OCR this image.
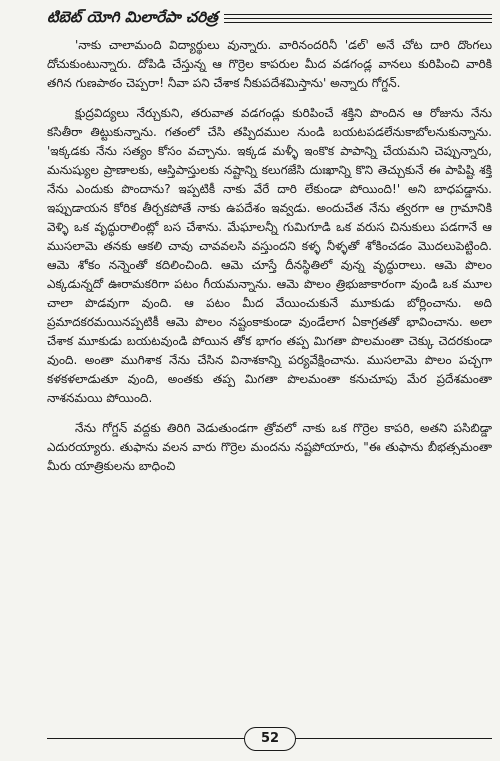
టిబెట్ యోగి మిలారేపా చరిత్ర

'నాకు చాలామంది విద్యార్థులు వున్నారు. వారినందరినీ 'డల్' అనే చోట దారి దొంగలు దోచుకుంటున్నారు. దోపిడి చేస్తున్న ఆ గొర్రెల కాపరుల మీద వడగండ్ల వానలు కురిపించి వారికి తగిన గుణపాఠం చెప్పరా! నీవా పని చేశాక నీకుపదేశమిస్తాను' అన్నారు గోగ్డన్.

క్షుద్రవిద్యలు నేర్చుకుని, తరువాత వడగండ్లు కురిపించే శక్తిని పొందిన ఆ రోజును నేను కసితీరా తిట్టుకున్నాను. గతంలో చేసి తప్పిదముల నుండి బయటపడలేనుకాబోలనుకున్నాను. 'ఇక్కడకు నేను సత్యం కోసం వచ్చాను. ఇక్కడ మళ్ళీ ఇంకొక పాపాన్ని చేయమని చెప్పున్నారు, మనుష్యుల ప్రాణాలకు, ఆస్తిపాస్తులకు నష్టాన్ని కలుగజేసి దుఃఖాన్ని కొని తెచ్చుకునే ఈ పాపిష్టి శక్తి నేను ఎందుకు పొందాను? ఇప్పటికీ నాకు వేరే దారి లేకుండా పోయింది!' అని బాధపడ్డాను. ఇప్పుడాయన కోరిక తీర్చకపోతే నాకు ఉపదేశం ఇవ్వడు. అందుచేత నేను త్వరగా ఆ గ్రామానికి వెళ్ళి ఒక వృద్ధురాలింట్లో బస చేశాను. మేఘాలన్నీ గుమిగూడి ఒక వరుస చినుకులు పడగానే ఆ ముసలామె తనకు ఆకలి చావు చావవలసి వస్తుందని కళ్ళ నీళ్ళతో శోకించడం మొదలుపెట్టింది. ఆమె శోకం నన్నెంతో కదిలించింది. ఆమె చూస్తే దీనస్థితిలో వున్న వృద్ధురాలు. ఆమె పొలం ఎక్కడున్నదో ఊరామకరిగా పటం గీయమన్నాను. ఆమె పొలం త్రిభుజాకారంగా వుండి ఒక మూల చాలా పొడవుగా వుంది. ఆ పటం మీద వేయించుకునే మూకుడు బోర్లించాను. అది ప్రమాదకరమయినప్పటికీ ఆమె పొలం నష్టంకాకుండా వుండేలాగ ఏకాగ్రతతో భావించాను. అలా చేశాక మూకుడు బయటవుండి పోయిన తోక భాగం తప్ప మిగతా పొలమంతా చెక్కు చెదరకుండా వుంది. అంతా ముగిశాక నేను చేసిన వినాశకాన్ని పర్యవేక్షించాను. ముసలామె పొలం పచ్చగా కళకళలాడుతూ వుంది, అంతకు తప్ప మిగతా పొలమంతా కనుచూపు మేర ప్రదేశమంతా నాశనమయి పోయింది.

నేను గోగ్డన్ వద్దకు తిరిగి వెడుతుండగా త్రోవలో నాకు ఒక గొర్రెల కాపరి, అతని పసిబిడ్డా ఎదురయ్యారు. తుఫాను వలన వారు గొర్రెల మందను నష్టపోయారు, "ఈ తుఫాను బీభత్సమంతా మీరు యాత్రికులను బాధించి

52
